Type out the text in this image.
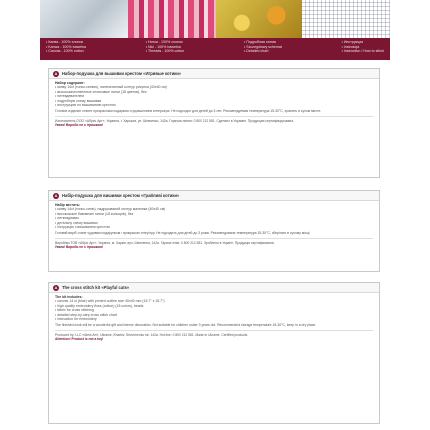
• Канва - 100% хлопок
• Kanwa - 100% bawełna
• Canvas - 100% cotton
• Нитки - 100% хлопок
• Nici - 100% bawełna
• Threads - 100% cotton
• Подробная схема
• Szczegółowy schemat
• Detailed chart
• Инструкция
• Instrukcja
• Instruction / How to stitch
A	Набор-подушка для вышивки крестом «Игривые котики»
Набор содержит:
• канву 14ct (тонко-синюю), напечатанный контур рисунка (40x40 см)
• высококачественные хлопковые нитки (18 цветов), без
• нитевдевателем
• подробную схему вышивки
• инструкцию по вышиванию крестом
Готовое изделие станет прекрасным подарком и украшением интерьера. Не подходит для детей до 3 лет. Рекомендуемая температура 15-30°C, хранить в сухом месте.
Изготовитель ООО «Абрис Арт», Украина, г. Харьков, ул. Шевченко, 142а. Горячая линия: 0 800 212 581. Сделано в Украине. Продукция сертифицирована.
Увага! Вироби не є іграшкою!
A	Набір-подушка для вишивки хрестом «Грайливі котики»
Набір містить:
• канву 14ct (тонко-синю), надрукований контур малюнка (40x40 см)
• високоякісні бавовняні нитки (18 кольорів), без
• нитковдіювач
• детальну схему вишивки
• інструкцію з вишивання хрестом
Готовий виріб стане чудовим подарунком і прикрасою інтер'єру. Не підходить для дітей до 3 років. Рекомендована температура 15-30°C, зберігати в сухому місці.
Виробник ТОВ «Абріс Арт», Україна, м. Харків, вул. Шевченка, 142а. Гаряча лінія: 0 800 212 581. Зроблено в Україні. Продукція сертифікована.
Увага! Вироби не є іграшкою!
A	The cross stitch kit «Playful cats»
The kit includes:
• canvas 14 ct (blue) with printed outline size 40x40 mm (15.7" x 15.7")
• high quality embroidery floss (cotton) (18 colors), beads
• fabric for cross stitching
• detailed step-by-step cross stitch chart
• instruction for embroidery
The finished work will be a wonderful gift and interior decoration. Not suitable for children under 3 years old. Recommended storage temperature 15-30°C, keep in a dry place.
Produced by: LLC «Abris Art», Ukraine, Kharkiv, Shevchenko str. 142a. Hot line: 0 800 212 581. Made in Ukraine. Certified products.
Attention! Product is not a toy!
